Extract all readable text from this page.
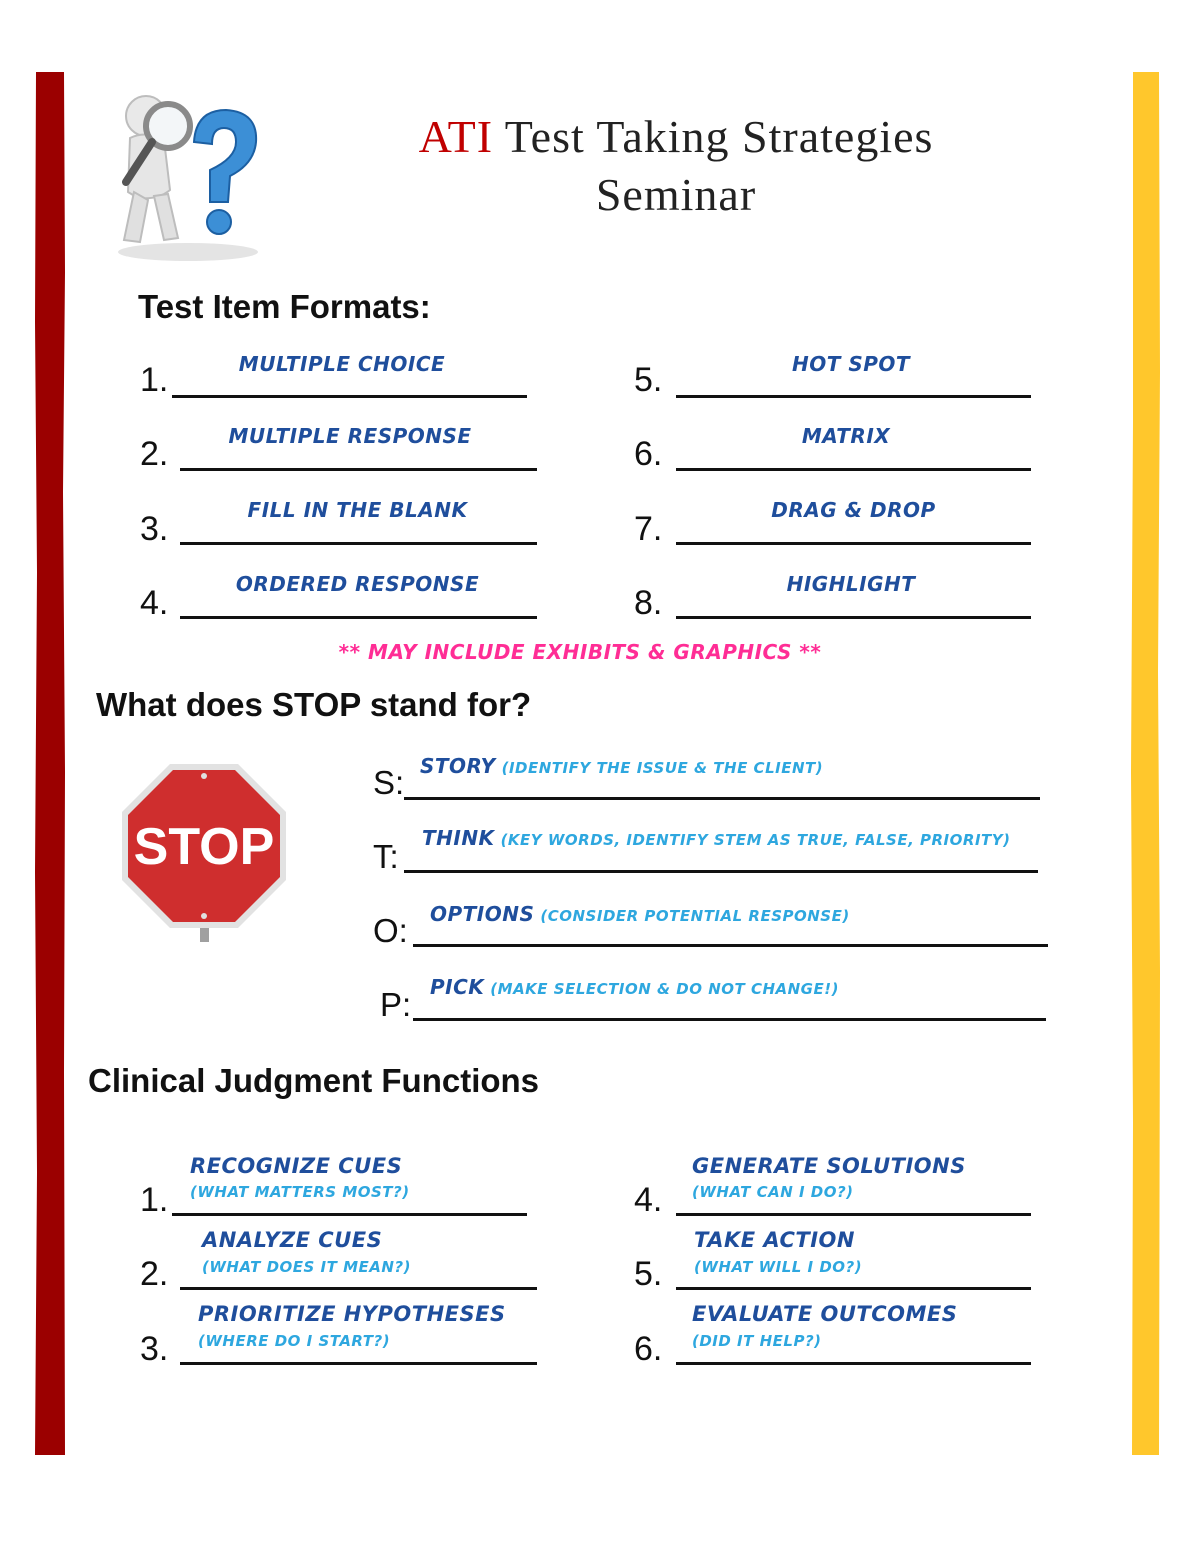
ATI Test Taking Strategies
Seminar
Test Item Formats:
1.	MULTIPLE CHOICE
2.	MULTIPLE RESPONSE
3.	FILL IN THE BLANK
4.	ORDERED RESPONSE
5.	HOT SPOT
6.	MATRIX
7.	DRAG & DROP
8.	HIGHLIGHT
** MAY INCLUDE EXHIBITS & GRAPHICS **
What does STOP stand for?
STOP
S: STORY (IDENTIFY THE ISSUE & THE CLIENT)
T: THINK (KEY WORDS, IDENTIFY STEM AS TRUE, FALSE, PRIORITY)
O: OPTIONS (CONSIDER POTENTIAL RESPONSE)
P: PICK (MAKE SELECTION & DO NOT CHANGE!)
Clinical Judgment Functions
1.
RECOGNIZE CUES
(WHAT MATTERS MOST?)
2.
ANALYZE CUES
(WHAT DOES IT MEAN?)
3.
PRIORITIZE HYPOTHESES
(WHERE DO I START?)
4.
GENERATE SOLUTIONS
(WHAT CAN I DO?)
5.
TAKE ACTION
(WHAT WILL I DO?)
6.
EVALUATE OUTCOMES
(DID IT HELP?)
